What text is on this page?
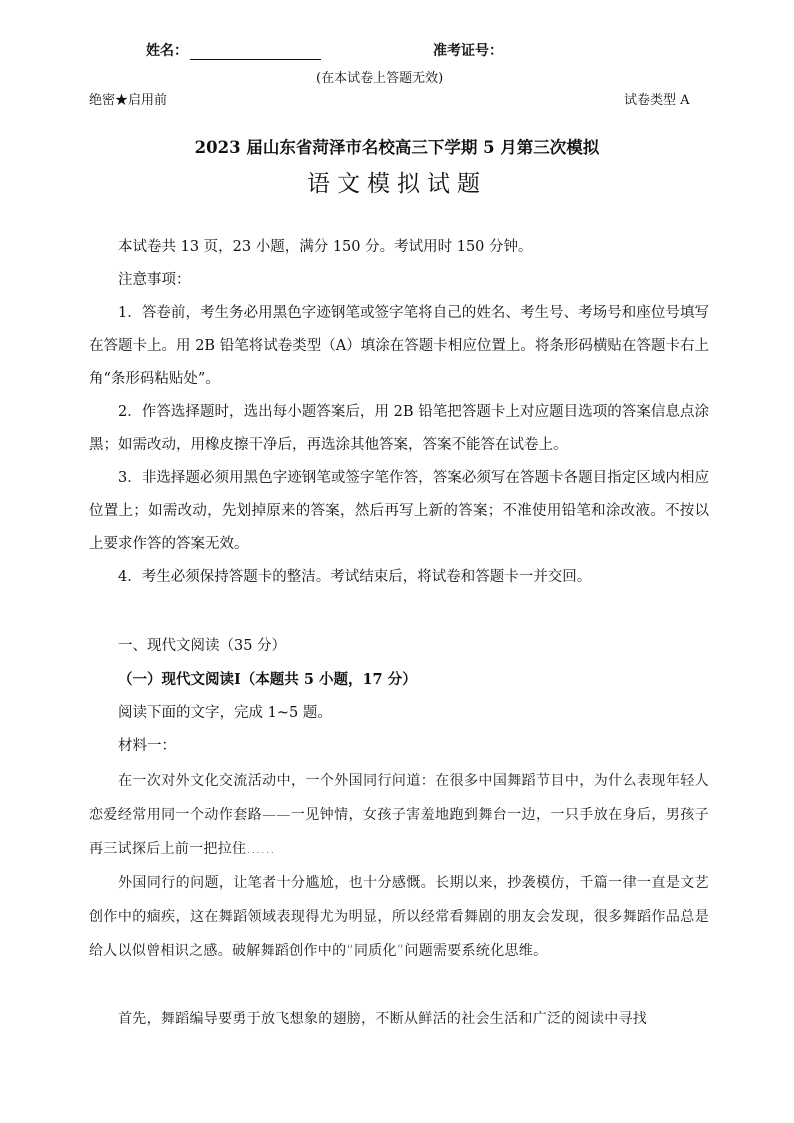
姓名：	准考证号：
(在本试卷上答题无效)
绝密★启用前	试卷类型 A
2023 届山东省菏泽市名校高三下学期 5 月第三次模拟
语文模拟试题

本试卷共 13 页，23 小题，满分 150 分。考试用时 150 分钟。

注意事项：

1．答卷前，考生务必用黑色字迹钢笔或签字笔将自己的姓名、考生号、考场号和座位号填写在答题卡上。用 2B 铅笔将试卷类型（A）填涂在答题卡相应位置上。将条形码横贴在答题卡右上角“条形码粘贴处”。

2．作答选择题时，选出每小题答案后，用 2B 铅笔把答题卡上对应题目选项的答案信息点涂黑；如需改动，用橡皮擦干净后，再选涂其他答案，答案不能答在试卷上。

3．非选择题必须用黑色字迹钢笔或签字笔作答，答案必须写在答题卡各题目指定区域内相应位置上；如需改动，先划掉原来的答案，然后再写上新的答案；不准使用铅笔和涂改液。不按以上要求作答的答案无效。

4．考生必须保持答题卡的整洁。考试结束后，将试卷和答题卡一并交回。

一、现代文阅读（35 分）

（一）现代文阅读Ⅰ（本题共 5 小题，17 分）

阅读下面的文字，完成 1~5 题。

材料一：

在一次对外文化交流活动中，一个外国同行问道：在很多中国舞蹈节目中，为什么表现年轻人恋爱经常用同一个动作套路——一见钟情，女孩子害羞地跑到舞台一边，一只手放在身后，男孩子再三试探后上前一把拉住……

外国同行的问题，让笔者十分尴尬，也十分感慨。长期以来，抄袭模仿，千篇一律一直是文艺创作中的痼疾，这在舞蹈领域表现得尤为明显，所以经常看舞剧的朋友会发现，很多舞蹈作品总是给人以似曾相识之感。破解舞蹈创作中的“同质化”问题需要系统化思维。

首先，舞蹈编导要勇于放飞想象的翅膀，不断从鲜活的社会生活和广泛的阅读中寻找
